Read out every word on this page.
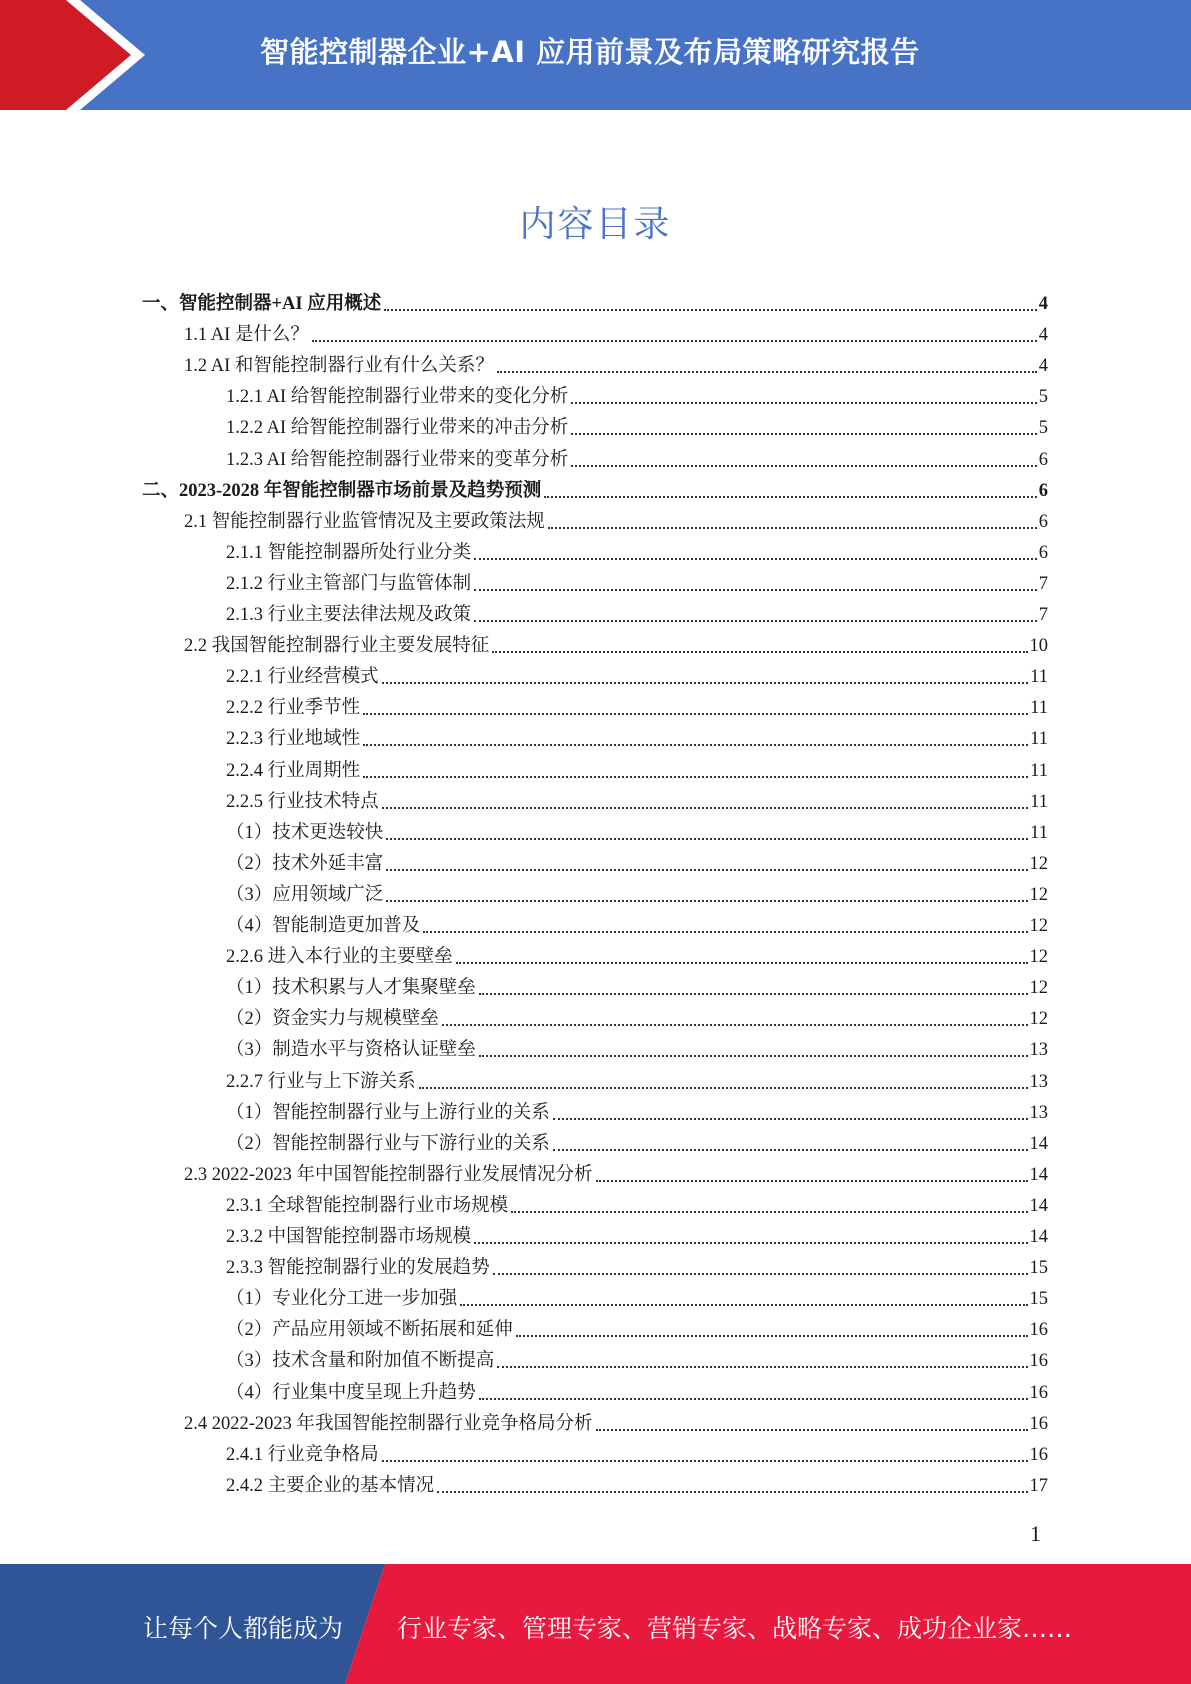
智能控制器企业+AI 应用前景及布局策略研究报告
内容目录
一、智能控制器+AI 应用概述	4
1.1 AI 是什么？	4
1.2 AI 和智能控制器行业有什么关系？	4
1.2.1 AI 给智能控制器行业带来的变化分析	5
1.2.2 AI 给智能控制器行业带来的冲击分析	5
1.2.3 AI 给智能控制器行业带来的变革分析	6
二、2023-2028 年智能控制器市场前景及趋势预测	6
2.1 智能控制器行业监管情况及主要政策法规	6
2.1.1 智能控制器所处行业分类	6
2.1.2 行业主管部门与监管体制	7
2.1.3 行业主要法律法规及政策	7
2.2 我国智能控制器行业主要发展特征	10
2.2.1 行业经营模式	11
2.2.2 行业季节性	11
2.2.3 行业地域性	11
2.2.4 行业周期性	11
2.2.5 行业技术特点	11
（1）技术更迭较快	11
（2）技术外延丰富	12
（3）应用领域广泛	12
（4）智能制造更加普及	12
2.2.6 进入本行业的主要壁垒	12
（1）技术积累与人才集聚壁垒	12
（2）资金实力与规模壁垒	12
（3）制造水平与资格认证壁垒	13
2.2.7 行业与上下游关系	13
（1）智能控制器行业与上游行业的关系	13
（2）智能控制器行业与下游行业的关系	14
2.3 2022-2023 年中国智能控制器行业发展情况分析	14
2.3.1 全球智能控制器行业市场规模	14
2.3.2 中国智能控制器市场规模	14
2.3.3 智能控制器行业的发展趋势	15
（1）专业化分工进一步加强	15
（2）产品应用领域不断拓展和延伸	16
（3）技术含量和附加值不断提高	16
（4）行业集中度呈现上升趋势	16
2.4 2022-2023 年我国智能控制器行业竞争格局分析	16
2.4.1 行业竞争格局	16
2.4.2 主要企业的基本情况	17
1
让每个人都能成为 行业专家、管理专家、营销专家、战略专家、成功企业家……
